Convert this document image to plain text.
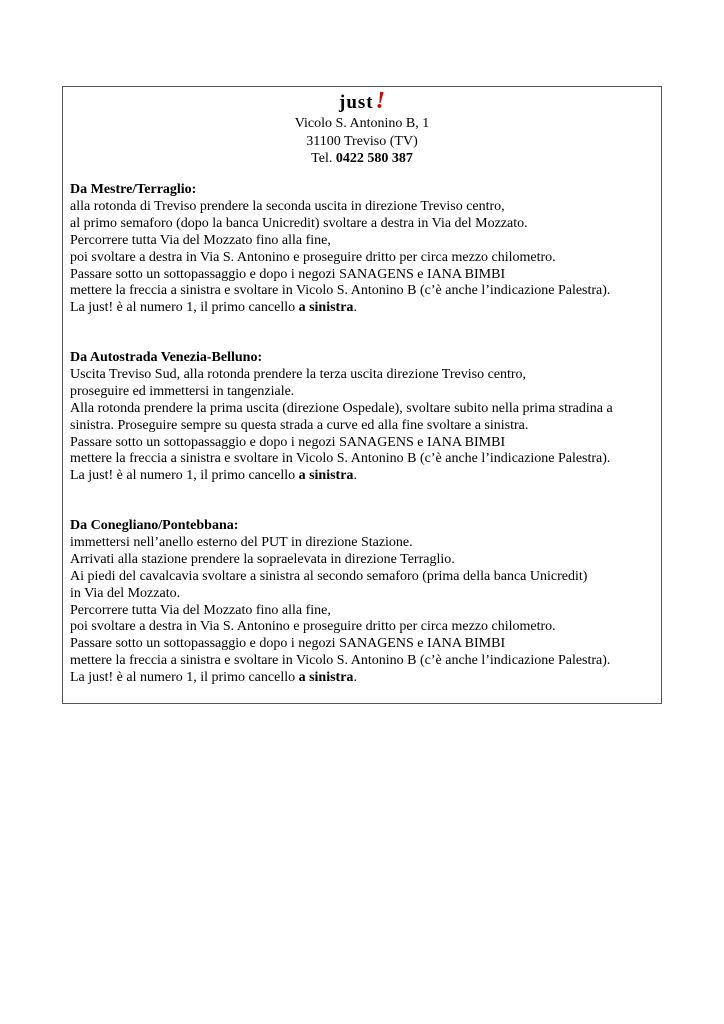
just!
Vicolo S. Antonino B, 1
31100 Treviso (TV)
Tel. 0422 580 387
Da Mestre/Terraglio:
alla rotonda di Treviso prendere la seconda uscita in direzione Treviso centro,
al primo semaforo (dopo la banca Unicredit) svoltare a destra in Via del Mozzato.
Percorrere tutta Via del Mozzato fino alla fine,
poi svoltare a destra in Via S. Antonino e proseguire dritto per circa mezzo chilometro.
Passare sotto un sottopassaggio e dopo i negozi SANAGENS e IANA BIMBI
mettere la freccia a sinistra e svoltare in Vicolo S. Antonino B (c’è anche l’indicazione Palestra).
La just! è al numero 1, il primo cancello a sinistra.
Da Autostrada Venezia-Belluno:
Uscita Treviso Sud, alla rotonda prendere la terza uscita direzione Treviso centro,
proseguire ed immettersi in tangenziale.
Alla rotonda prendere la prima uscita (direzione Ospedale), svoltare subito nella prima stradina a
sinistra. Proseguire sempre su questa strada a curve ed alla fine svoltare a sinistra.
Passare sotto un sottopassaggio e dopo i negozi SANAGENS e IANA BIMBI
mettere la freccia a sinistra e svoltare in Vicolo S. Antonino B (c’è anche l’indicazione Palestra).
La just! è al numero 1, il primo cancello a sinistra.
Da Conegliano/Pontebbana:
immettersi nell’anello esterno del PUT in direzione Stazione.
Arrivati alla stazione prendere la sopraelevata in direzione Terraglio.
Ai piedi del cavalcavia svoltare a sinistra al secondo semaforo (prima della banca Unicredit)
in Via del Mozzato.
Percorrere tutta Via del Mozzato fino alla fine,
poi svoltare a destra in Via S. Antonino e proseguire dritto per circa mezzo chilometro.
Passare sotto un sottopassaggio e dopo i negozi SANAGENS e IANA BIMBI
mettere la freccia a sinistra e svoltare in Vicolo S. Antonino B (c’è anche l’indicazione Palestra).
La just! è al numero 1, il primo cancello a sinistra.
